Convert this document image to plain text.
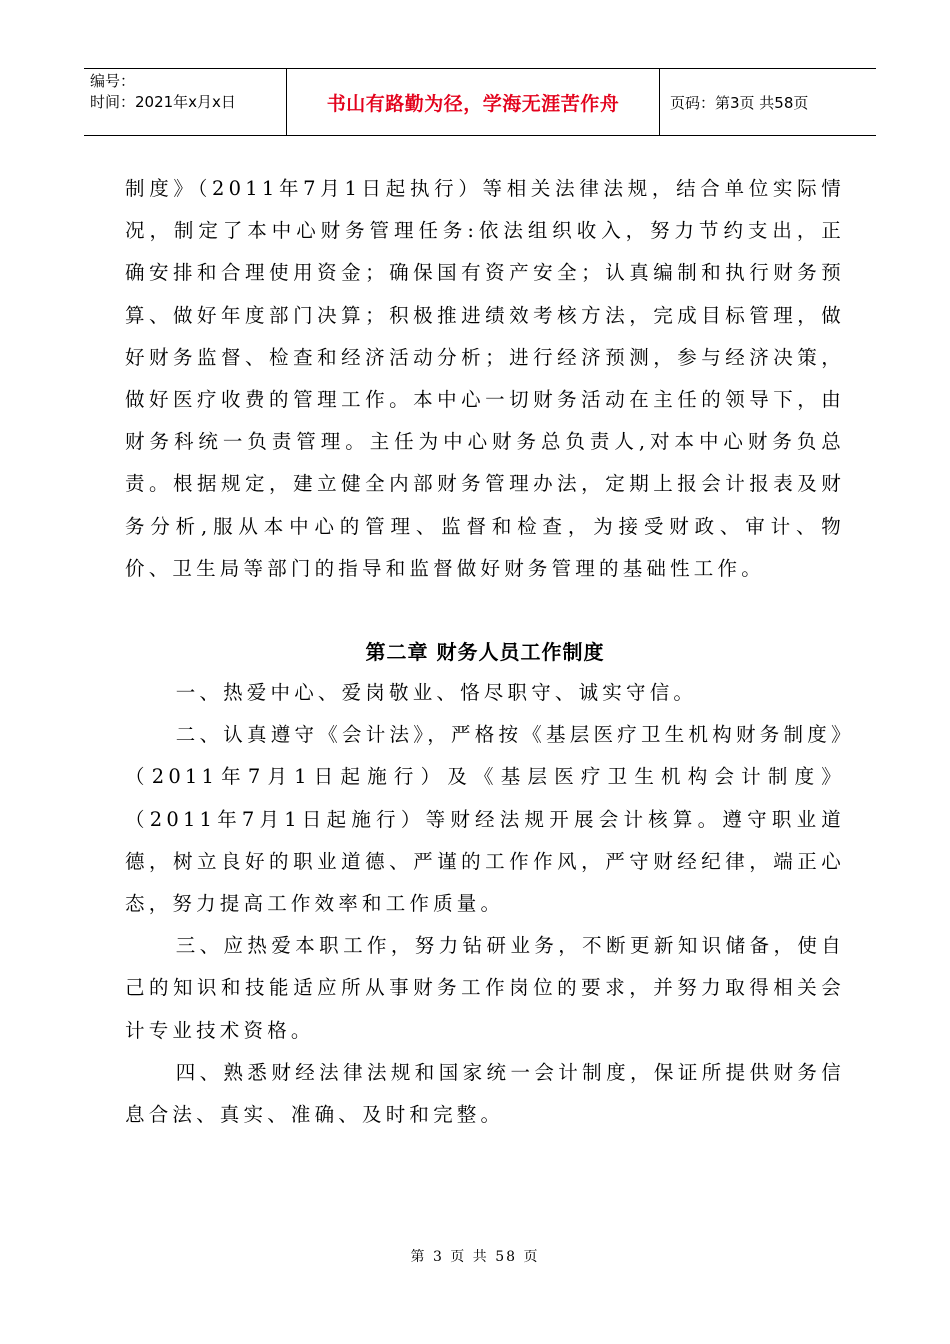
编号：
时间：2021年x月x日	书山有路勤为径，学海无涯苦作舟	页码：第3页 共58页

制度》（2011年7月1日起执行）等相关法律法规，结合单位实际情况，制定了本中心财务管理任务:依法组织收入，努力节约支出，正确安排和合理使用资金；确保国有资产安全；认真编制和执行财务预算、做好年度部门决算；积极推进绩效考核方法，完成目标管理，做好财务监督、检查和经济活动分析；进行经济预测，参与经济决策，做好医疗收费的管理工作。本中心一切财务活动在主任的领导下，由财务科统一负责管理。主任为中心财务总负责人,对本中心财务负总责。根据规定，建立健全内部财务管理办法，定期上报会计报表及财务分析,服从本中心的管理、监督和检查，为接受财政、审计、物价、卫生局等部门的指导和监督做好财务管理的基础性工作。

第二章 财务人员工作制度

一、热爱中心、爱岗敬业、恪尽职守、诚实守信。

二、认真遵守《会计法》，严格按《基层医疗卫生机构财务制度》（2011年7月1日起施行）及《基层医疗卫生机构会计制度》（2011年7月1日起施行）等财经法规开展会计核算。遵守职业道德，树立良好的职业道德、严谨的工作作风，严守财经纪律，端正心态，努力提高工作效率和工作质量。

三、应热爱本职工作，努力钻研业务，不断更新知识储备，使自己的知识和技能适应所从事财务工作岗位的要求，并努力取得相关会计专业技术资格。

四、熟悉财经法律法规和国家统一会计制度，保证所提供财务信息合法、真实、准确、及时和完整。

第 3 页 共 58 页
